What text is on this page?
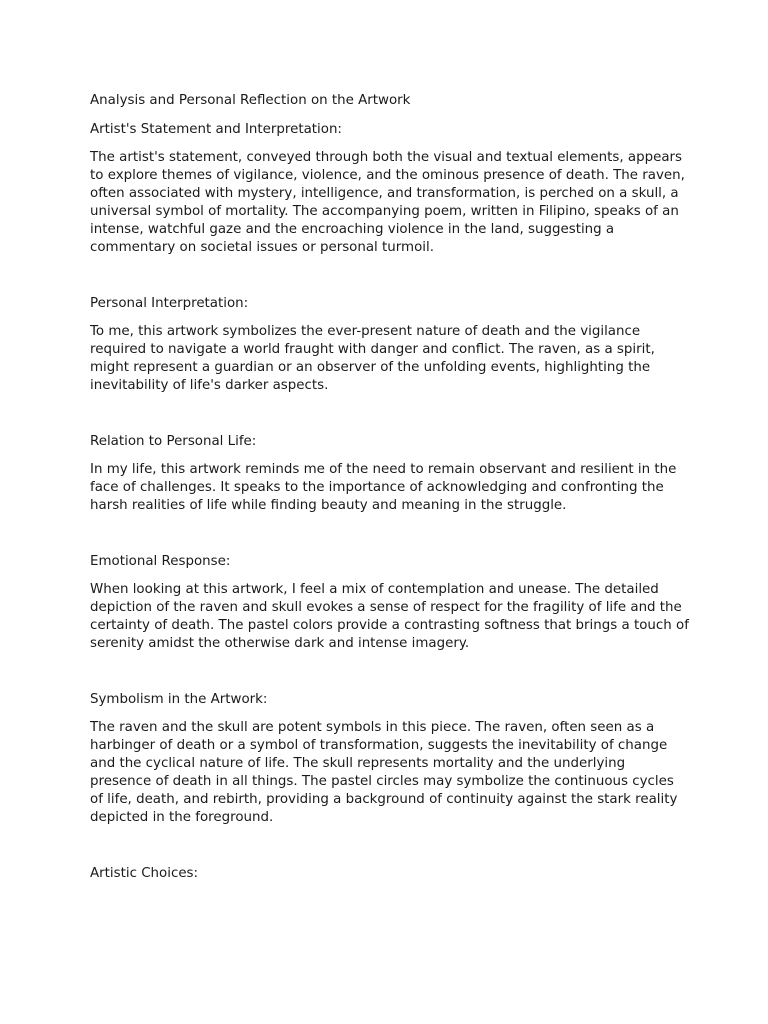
Analysis and Personal Reflection on the Artwork

Artist's Statement and Interpretation:

The artist's statement, conveyed through both the visual and textual elements, appears to explore themes of vigilance, violence, and the ominous presence of death. The raven, often associated with mystery, intelligence, and transformation, is perched on a skull, a universal symbol of mortality. The accompanying poem, written in Filipino, speaks of an intense, watchful gaze and the encroaching violence in the land, suggesting a commentary on societal issues or personal turmoil.

Personal Interpretation:

To me, this artwork symbolizes the ever-present nature of death and the vigilance required to navigate a world fraught with danger and conflict. The raven, as a spirit, might represent a guardian or an observer of the unfolding events, highlighting the inevitability of life's darker aspects.

Relation to Personal Life:

In my life, this artwork reminds me of the need to remain observant and resilient in the face of challenges. It speaks to the importance of acknowledging and confronting the harsh realities of life while finding beauty and meaning in the struggle.

Emotional Response:

When looking at this artwork, I feel a mix of contemplation and unease. The detailed depiction of the raven and skull evokes a sense of respect for the fragility of life and the certainty of death. The pastel colors provide a contrasting softness that brings a touch of serenity amidst the otherwise dark and intense imagery.

Symbolism in the Artwork:

The raven and the skull are potent symbols in this piece. The raven, often seen as a harbinger of death or a symbol of transformation, suggests the inevitability of change and the cyclical nature of life. The skull represents mortality and the underlying presence of death in all things. The pastel circles may symbolize the continuous cycles of life, death, and rebirth, providing a background of continuity against the stark reality depicted in the foreground.

Artistic Choices:
